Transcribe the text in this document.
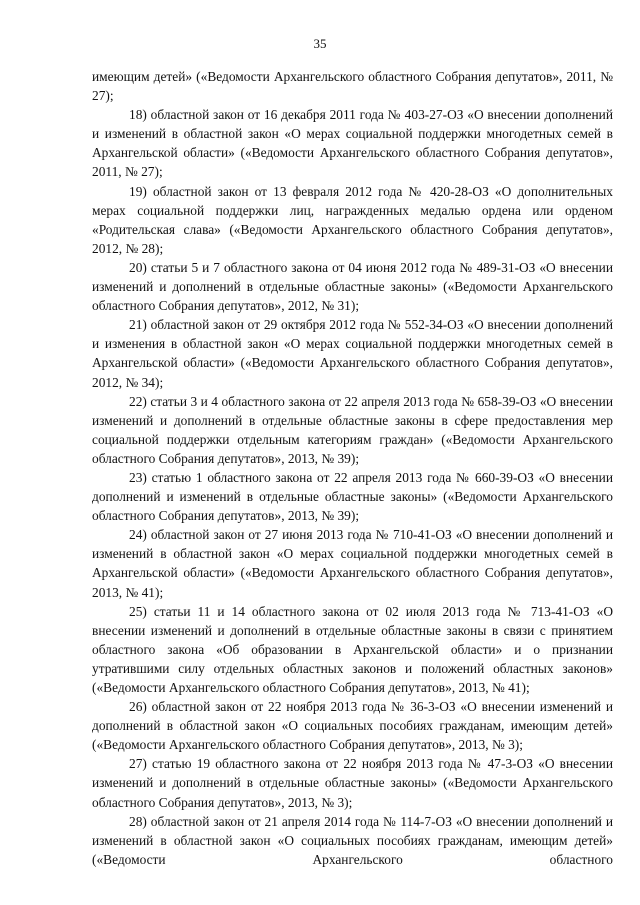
35

имеющим детей» («Ведомости Архангельского областного Собрания депутатов», 2011, № 27);

18) областной закон от 16 декабря 2011 года № 403-27-ОЗ «О внесении дополнений и изменений в областной закон «О мерах социальной поддержки многодетных семей в Архангельской области» («Ведомости Архангельского областного Собрания депутатов», 2011, № 27);

19) областной закон от 13 февраля 2012 года № 420-28-ОЗ «О дополнительных мерах социальной поддержки лиц, награжденных медалью ордена или орденом «Родительская слава» («Ведомости Архангельского областного Собрания депутатов», 2012, № 28);

20) статьи 5 и 7 областного закона от 04 июня 2012 года № 489-31-ОЗ «О внесении изменений и дополнений в отдельные областные законы» («Ведомости Архангельского областного Собрания депутатов», 2012, № 31);

21) областной закон от 29 октября 2012 года № 552-34-ОЗ «О внесении дополнений и изменения в областной закон «О мерах социальной поддержки многодетных семей в Архангельской области» («Ведомости Архангельского областного Собрания депутатов», 2012, № 34);

22) статьи 3 и 4 областного закона от 22 апреля 2013 года № 658-39-ОЗ «О внесении изменений и дополнений в отдельные областные законы в сфере предоставления мер социальной поддержки отдельным категориям граждан» («Ведомости Архангельского областного Собрания депутатов», 2013, № 39);

23) статью 1 областного закона от 22 апреля 2013 года № 660-39-ОЗ «О внесении дополнений и изменений в отдельные областные законы» («Ведомости Архангельского областного Собрания депутатов», 2013, № 39);

24) областной закон от 27 июня 2013 года № 710-41-ОЗ «О внесении дополнений и изменений в областной закон «О мерах социальной поддержки многодетных семей в Архангельской области» («Ведомости Архангельского областного Собрания депутатов», 2013, № 41);

25) статьи 11 и 14 областного закона от 02 июля 2013 года № 713-41-ОЗ «О внесении изменений и дополнений в отдельные областные законы в связи с принятием областного закона «Об образовании в Архангельской области» и о признании утратившими силу отдельных областных законов и положений областных законов» («Ведомости Архангельского областного Собрания депутатов», 2013, № 41);

26) областной закон от 22 ноября 2013 года № 36-3-ОЗ «О внесении изменений и дополнений в областной закон «О социальных пособиях гражданам, имеющим детей» («Ведомости Архангельского областного Собрания депутатов», 2013, № 3);

27) статью 19 областного закона от 22 ноября 2013 года № 47-3-ОЗ «О внесении изменений и дополнений в отдельные областные законы» («Ведомости Архангельского областного Собрания депутатов», 2013, № 3);

28) областной закон от 21 апреля 2014 года № 114-7-ОЗ «О внесении дополнений и изменений в областной закон «О социальных пособиях гражданам, имеющим детей» («Ведомости Архангельского областного
